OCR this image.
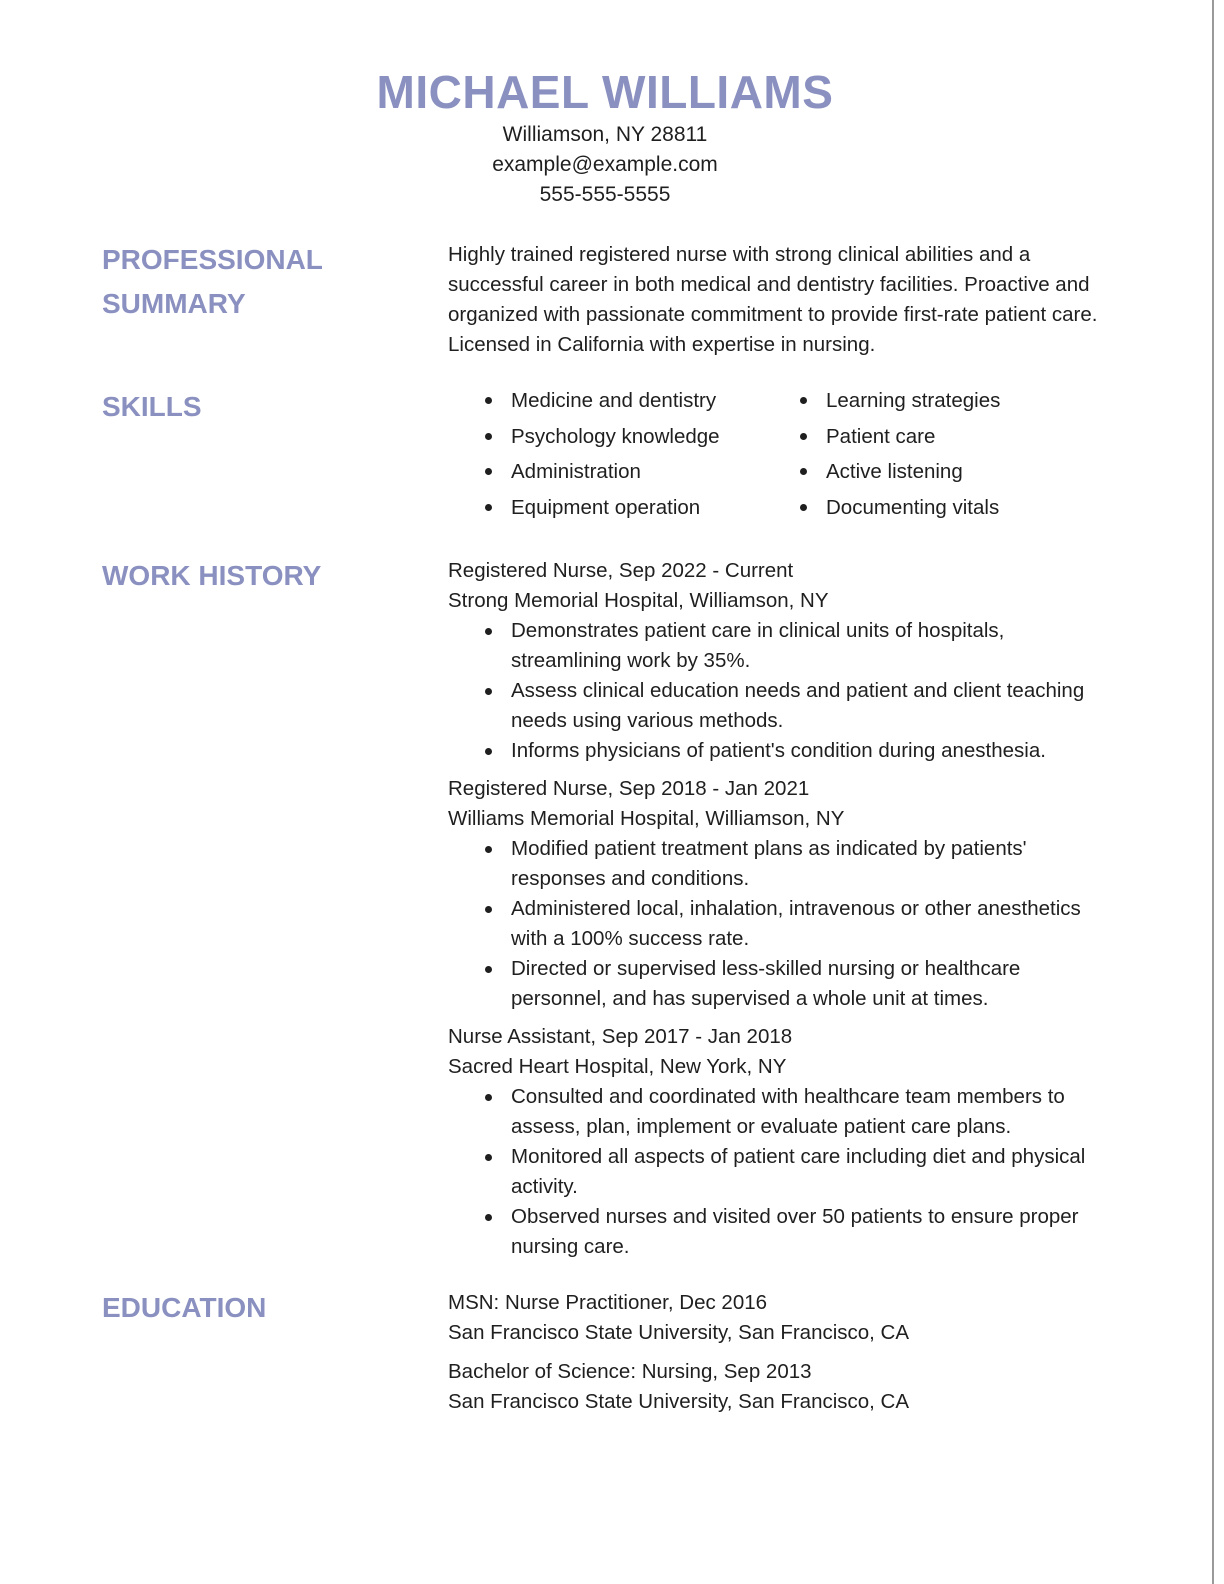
MICHAEL WILLIAMS
Williamson, NY 28811
example@example.com
555-555-5555
PROFESSIONAL
SUMMARY

Highly trained registered nurse with strong clinical abilities and a successful career in both medical and dentistry facilities. Proactive and organized with passionate commitment to provide first-rate patient care. Licensed in California with expertise in nursing.

SKILLS	Medicine and dentistry
Psychology knowledge
Administration
Equipment operation
Learning strategies
Patient care
Active listening
Documenting vitals
WORK HISTORY	Registered Nurse, Sep 2022 - Current

Strong Memorial Hospital, Williamson, NY

Demonstrates patient care in clinical units of hospitals, streamlining work by 35%.
Assess clinical education needs and patient and client teaching needs using various methods.
Informs physicians of patient's condition during anesthesia.

Registered Nurse, Sep 2018 - Jan 2021

Williams Memorial Hospital, Williamson, NY

Modified patient treatment plans as indicated by patients' responses and conditions.
Administered local, inhalation, intravenous or other anesthetics with a 100% success rate.
Directed or supervised less-skilled nursing or healthcare personnel, and has supervised a whole unit at times.

Nurse Assistant, Sep 2017 - Jan 2018

Sacred Heart Hospital, New York, NY

Consulted and coordinated with healthcare team members to assess, plan, implement or evaluate patient care plans.
Monitored all aspects of patient care including diet and physical activity.
Observed nurses and visited over 50 patients to ensure proper nursing care.
EDUCATION	MSN: Nurse Practitioner, Dec 2016

San Francisco State University, San Francisco, CA

Bachelor of Science: Nursing, Sep 2013

San Francisco State University, San Francisco, CA
